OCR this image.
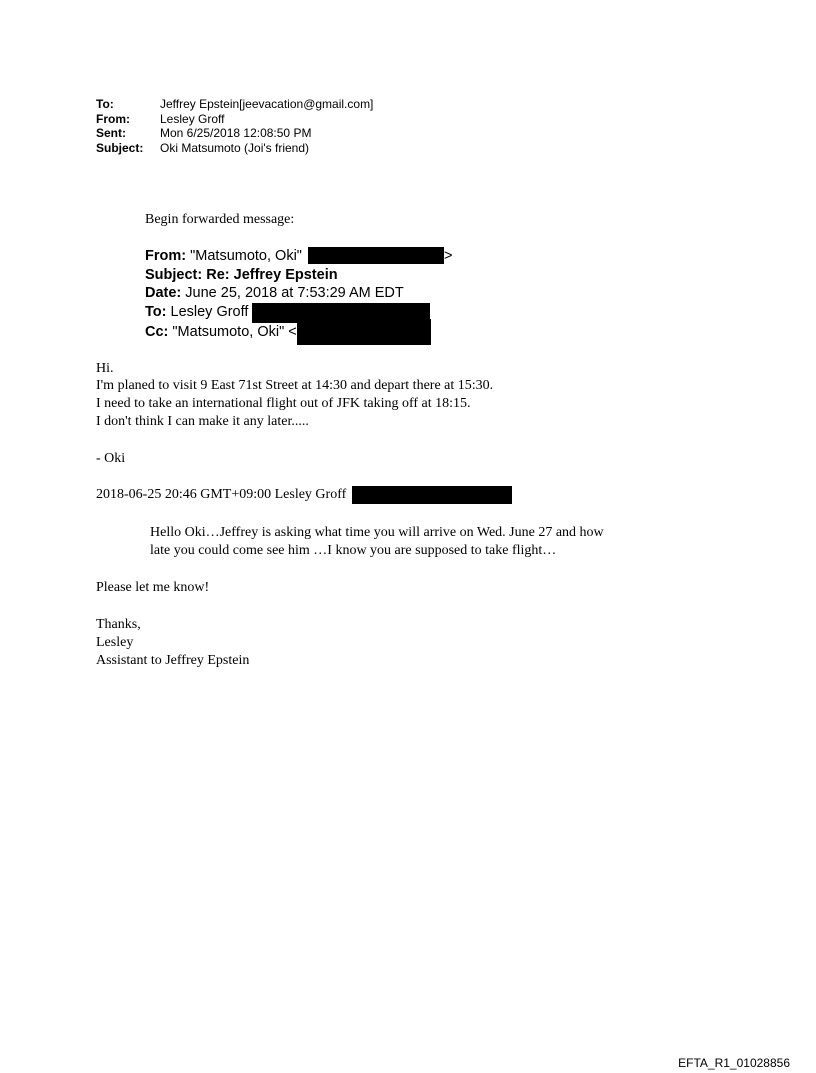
To:	Jeffrey Epstein[jeevacation@gmail.com]
From:	Lesley Groff
Sent:	Mon 6/25/2018 12:08:50 PM
Subject:	Oki Matsumoto (Joi's friend)
Begin forwarded message:
From: "Matsumoto, Oki"	>
Subject: Re: Jeffrey Epstein
Date: June 25, 2018 at 7:53:29 AM EDT
To: Lesley Groff
Cc: "Matsumoto, Oki" <
Hi.
I'm planed to visit 9 East 71st Street at 14:30 and depart there at 15:30.
I need to take an international flight out of JFK taking off at 18:15.
I don't think I can make it any later.....
- Oki
2018-06-25 20:46 GMT+09:00 Lesley Groff
Hello Oki…Jeffrey is asking what time you will arrive on Wed. June 27 and how
late you could come see him …I know you are supposed to take flight…
Please let me know!
Thanks,
Lesley
Assistant to Jeffrey Epstein
EFTA_R1_01028856
